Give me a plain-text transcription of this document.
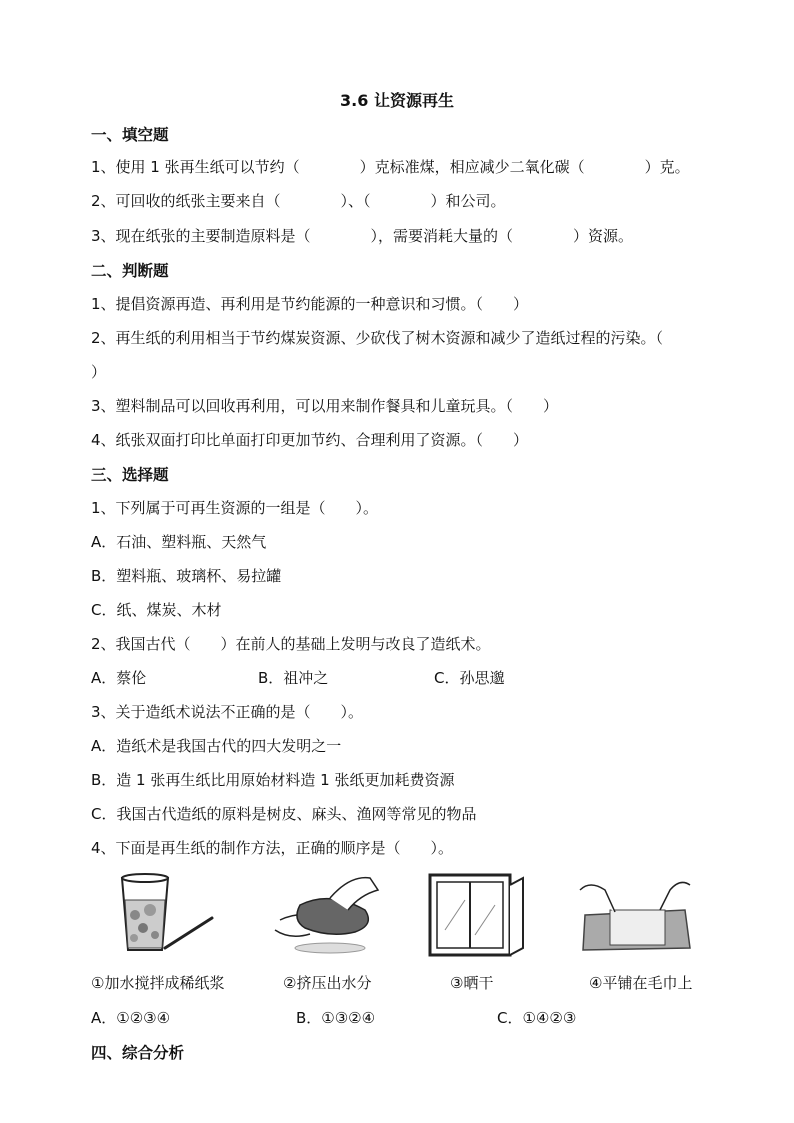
3.6 让资源再生
一、填空题
1、使用 1 张再生纸可以节约（　　　　）克标准煤，相应减少二氧化碳（　　　　）克。
2、可回收的纸张主要来自（　　　　）、（　　　　）和公司。
3、现在纸张的主要制造原料是（　　　　），需要消耗大量的（　　　　）资源。
二、判断题
1、提倡资源再造、再利用是节约能源的一种意识和习惯。（　　）
2、再生纸的利用相当于节约煤炭资源、少砍伐了树木资源和减少了造纸过程的污染。（
）
3、塑料制品可以回收再利用，可以用来制作餐具和儿童玩具。（　　）
4、纸张双面打印比单面打印更加节约、合理利用了资源。（　　）
三、选择题
1、下列属于可再生资源的一组是（　　）。
A．石油、塑料瓶、天然气
B．塑料瓶、玻璃杯、易拉罐
C．纸、煤炭、木材
2、我国古代（　　）在前人的基础上发明与改良了造纸术。
A．蔡伦	B．祖冲之	C．孙思邈
3、关于造纸术说法不正确的是（　　）。
A．造纸术是我国古代的四大发明之一
B．造 1 张再生纸比用原始材料造 1 张纸更加耗费资源
C．我国古代造纸的原料是树皮、麻头、渔网等常见的物品
4、下面是再生纸的制作方法，正确的顺序是（　　）。
①加水搅拌成稀纸浆	②挤压出水分	③晒干	④平铺在毛巾上
A．①②③④	B．①③②④	C．①④②③
四、综合分析
